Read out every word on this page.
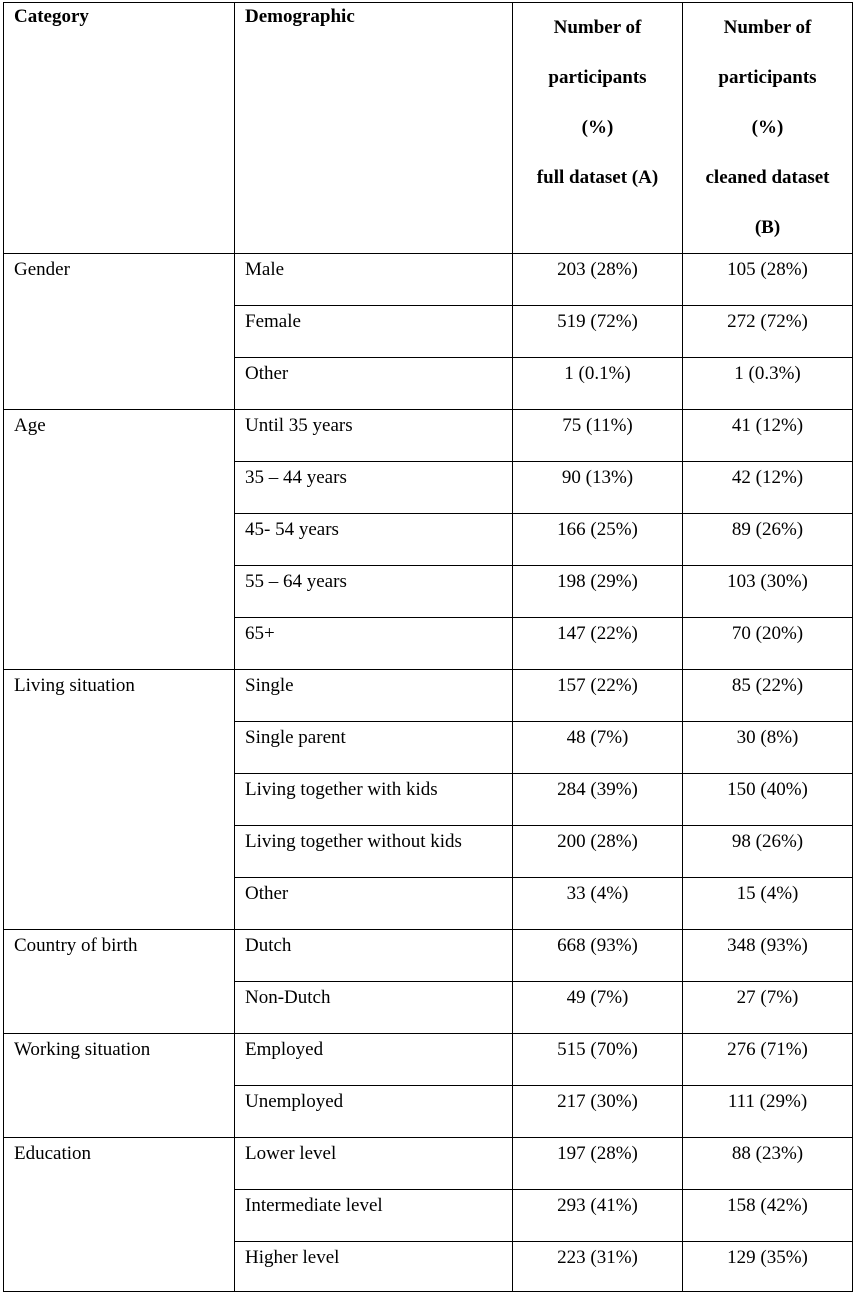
Category	Demographic	Number of
participants
(%)
full dataset (A)	Number of
participants
(%)
cleaned dataset
(B)

Gender	Male	203 (28%)	105 (28%)
	Female	519 (72%)	272 (72%)
	Other	1 (0.1%)	1 (0.3%)
Age	Until 35 years	75 (11%)	41 (12%)
	35 – 44 years	90 (13%)	42 (12%)
	45- 54 years	166 (25%)	89 (26%)
	55 – 64 years	198 (29%)	103 (30%)
	65+	147 (22%)	70 (20%)
Living situation	Single	157 (22%)	85 (22%)
	Single parent	48 (7%)	30 (8%)
	Living together with kids	284 (39%)	150 (40%)
	Living together without kids	200 (28%)	98 (26%)
	Other	33 (4%)	15 (4%)
Country of birth	Dutch	668 (93%)	348 (93%)
	Non-Dutch	49 (7%)	27 (7%)
Working situation	Employed	515 (70%)	276 (71%)
	Unemployed	217 (30%)	111 (29%)
Education	Lower level	197 (28%)	88 (23%)
	Intermediate level	293 (41%)	158 (42%)
	Higher level	223 (31%)	129 (35%)
